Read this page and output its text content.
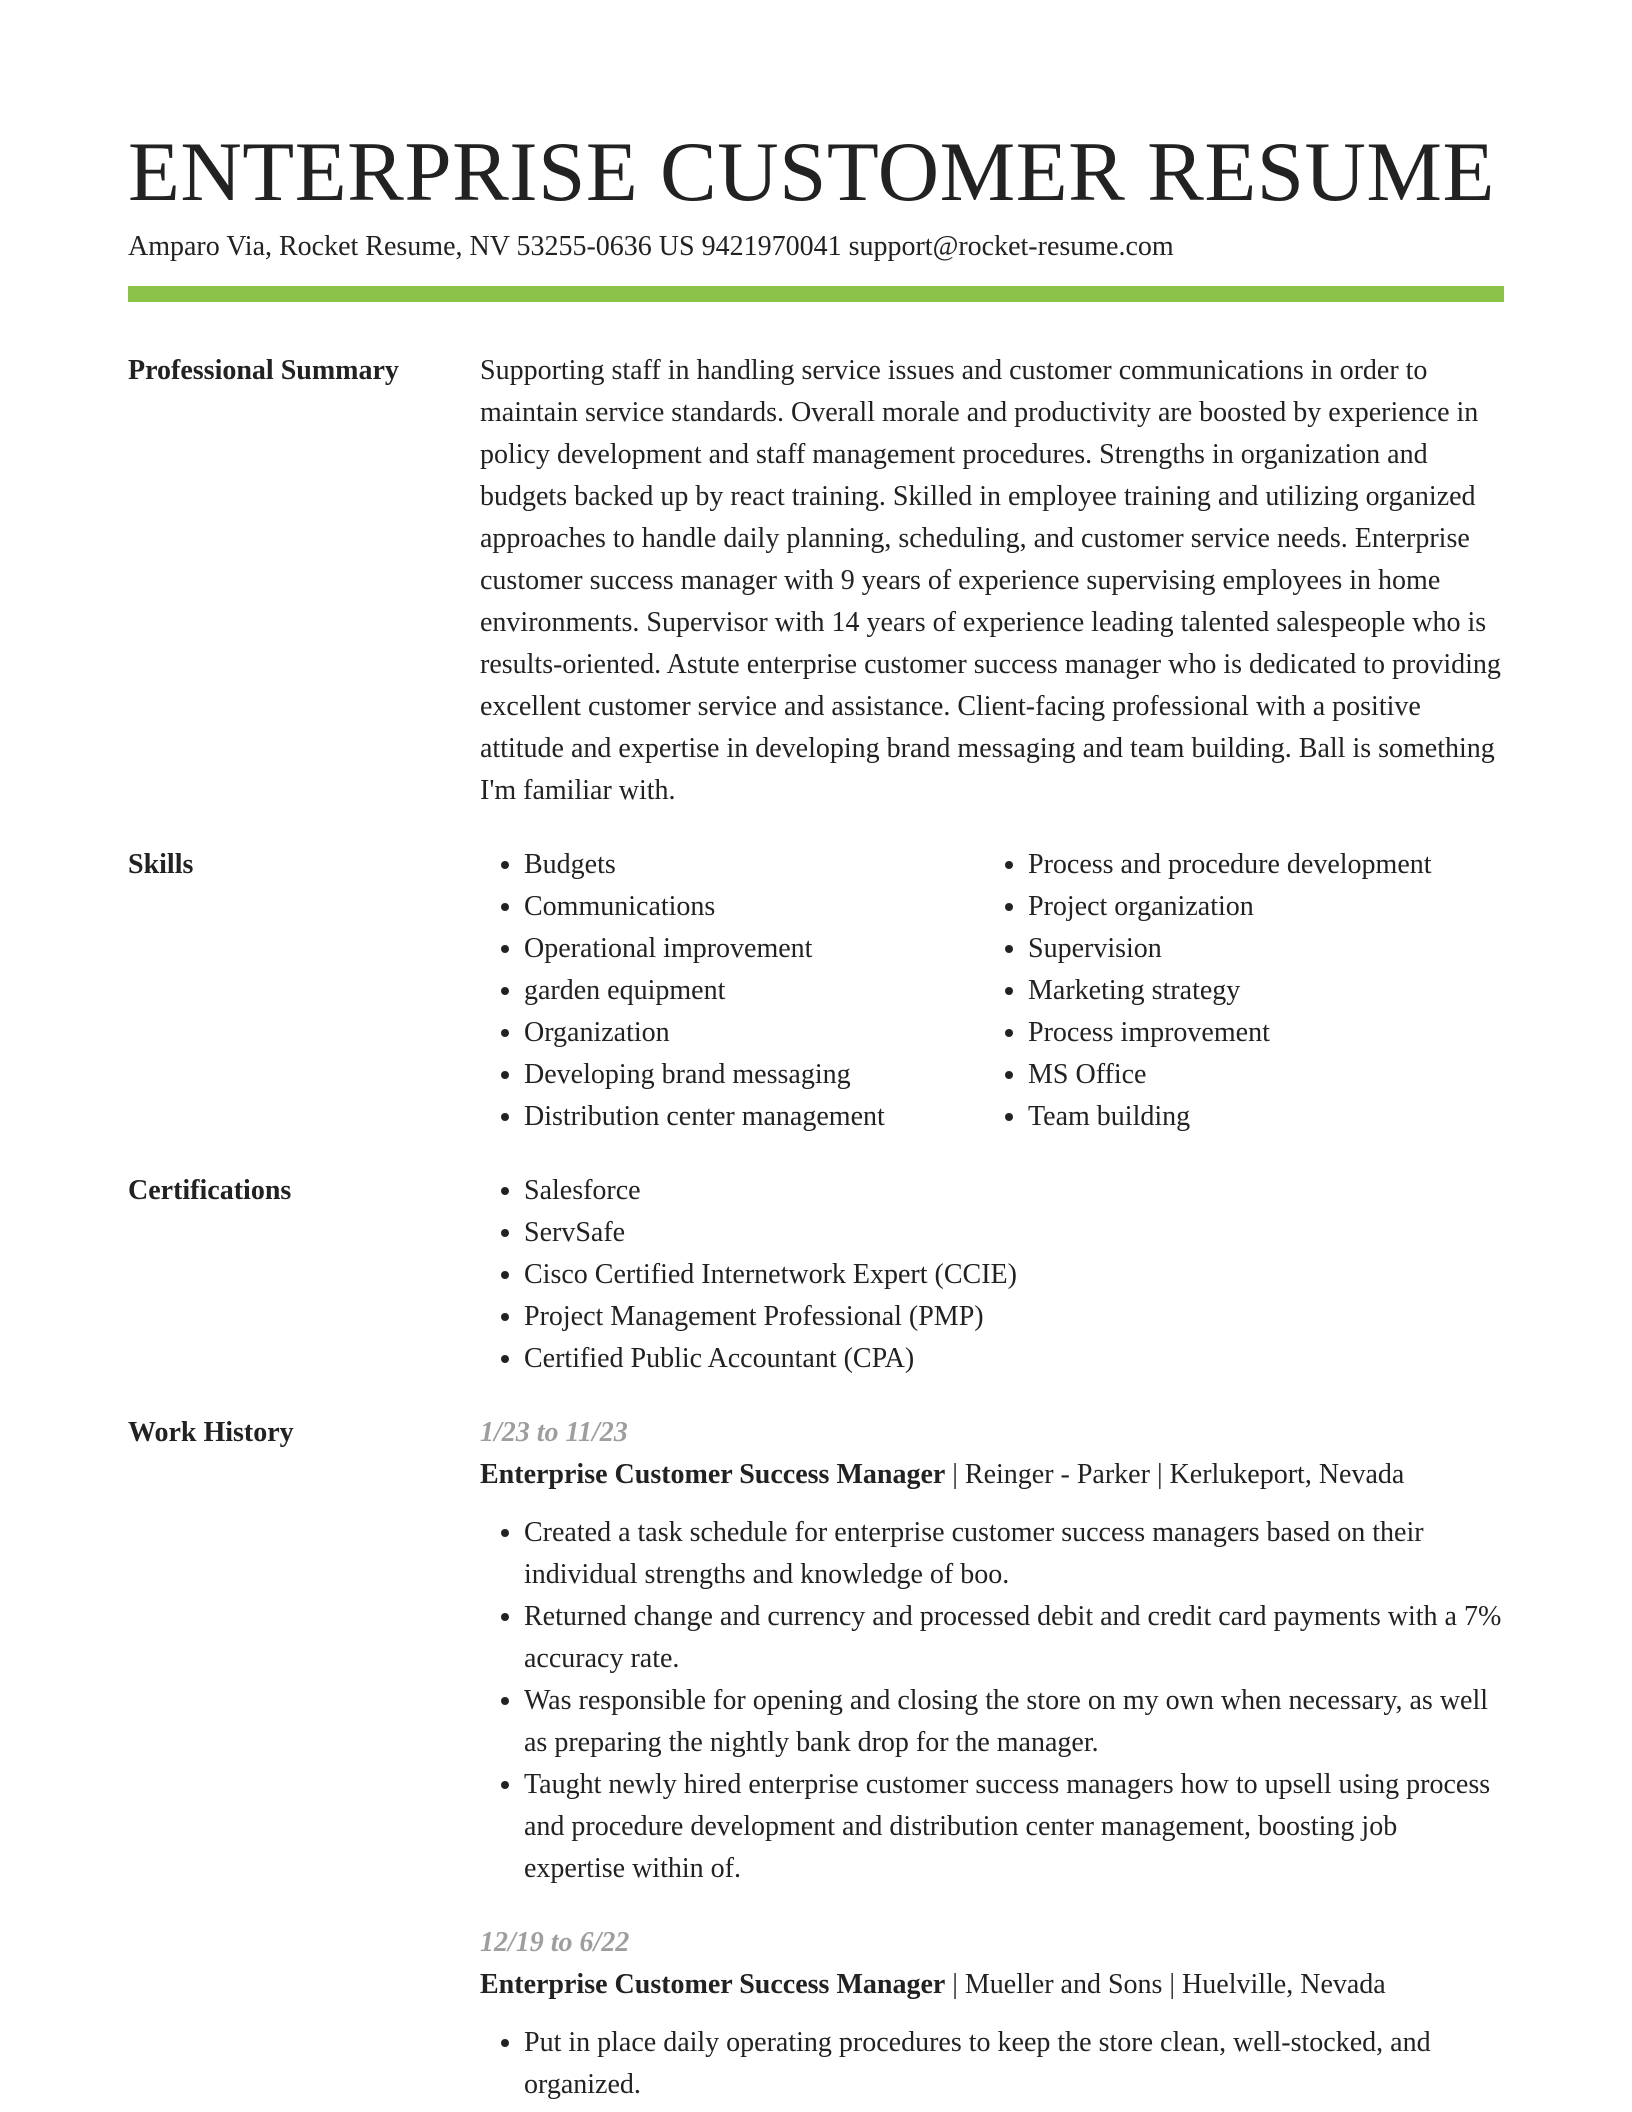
ENTERPRISE CUSTOMER RESUME
Amparo Via, Rocket Resume, NV 53255-0636 US 9421970041 support@rocket-resume.com
Professional Summary	Supporting staff in handling service issues and customer communications in order to maintain service standards. Overall morale and productivity are boosted by experience in policy development and staff management procedures. Strengths in organization and budgets backed up by react training. Skilled in employee training and utilizing organized approaches to handle daily planning, scheduling, and customer service needs. Enterprise customer success manager with 9 years of experience supervising employees in home environments. Supervisor with 14 years of experience leading talented salespeople who is results-oriented. Astute enterprise customer success manager who is dedicated to providing excellent customer service and assistance. Client-facing professional with a positive attitude and expertise in developing brand messaging and team building. Ball is something I'm familiar with.

Skills	• Budgets
• Communications
• Operational improvement
• garden equipment
• Organization
• Developing brand messaging
• Distribution center management
• Process and procedure development
• Project organization
• Supervision
• Marketing strategy
• Process improvement
• MS Office
• Team building
Certifications	• Salesforce
• ServSafe
• Cisco Certified Internetwork Expert (CCIE)
• Project Management Professional (PMP)
• Certified Public Accountant (CPA)
Work History	1/23 to 11/23
Enterprise Customer Success Manager | Reinger - Parker | Kerlukeport, Nevada
• Created a task schedule for enterprise customer success managers based on their individual strengths and knowledge of boo.
• Returned change and currency and processed debit and credit card payments with a 7% accuracy rate.
• Was responsible for opening and closing the store on my own when necessary, as well as preparing the nightly bank drop for the manager.
• Taught newly hired enterprise customer success managers how to upsell using process and procedure development and distribution center management, boosting job expertise within of.
12/19 to 6/22
Enterprise Customer Success Manager | Mueller and Sons | Huelville, Nevada
• Put in place daily operating procedures to keep the store clean, well-stocked, and organized.
